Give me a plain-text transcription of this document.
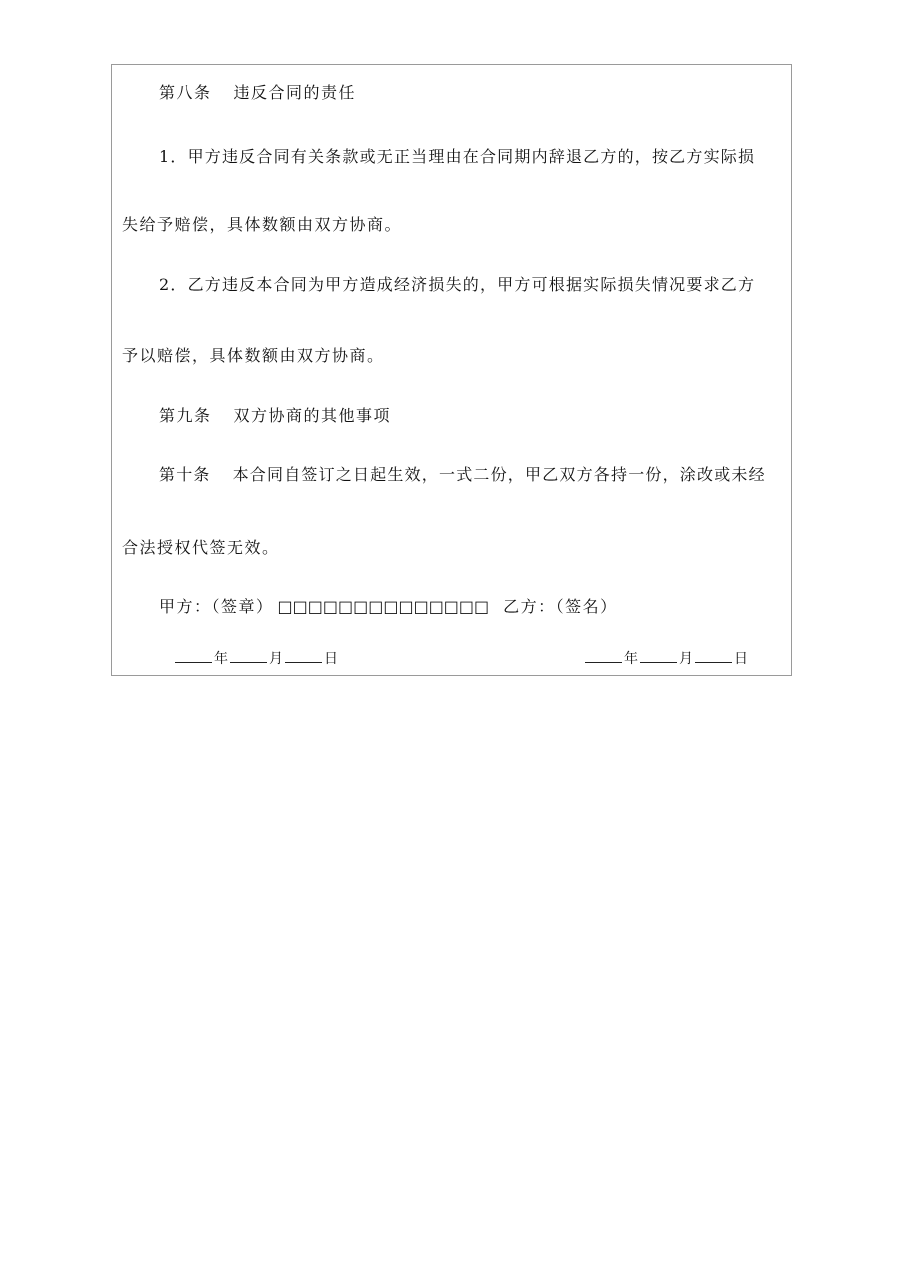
第八条 违反合同的责任
1．甲方违反合同有关条款或无正当理由在合同期内辞退乙方的，按乙方实际损
失给予赔偿，具体数额由双方协商。
2．乙方违反本合同为甲方造成经济损失的，甲方可根据实际损失情况要求乙方
予以赔偿，具体数额由双方协商。
第九条 双方协商的其他事项
第十条 本合同自签订之日起生效，一式二份，甲乙双方各持一份，涂改或未经
合法授权代签无效。
甲方：（签章） □□□□□□□□□□□□□□ 乙方：（签名）
年	月	日	年	月	日
